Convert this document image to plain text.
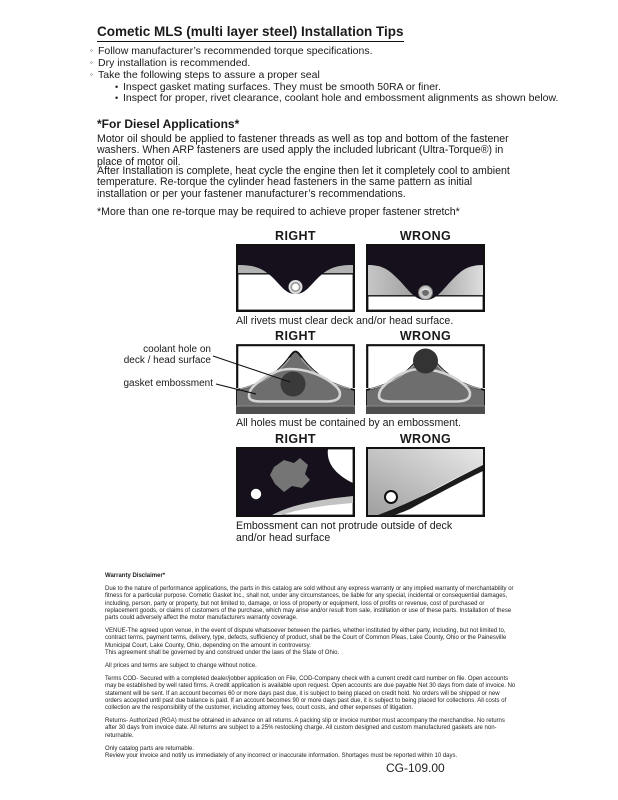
Cometic MLS (multi layer steel) Installation Tips
◦ Follow manufacturer’s recommended torque specifications.
◦ Dry installation is recommended.
◦ Take the following steps to assure a proper seal
• Inspect gasket mating surfaces. They must be smooth 50RA or finer.
• Inspect for proper, rivet clearance, coolant hole and embossment alignments as shown below.
*For Diesel Applications*
Motor oil should be applied to fastener threads as well as top and bottom of the fastener washers. When ARP fasteners are used apply the included lubricant (Ultra-Torque®) in place of motor oil.
After Installation is complete, heat cycle the engine then let it completely cool to ambient temperature. Re-torque the cylinder head fasteners in the same pattern as initial installation or per your fastener manufacturer’s recommendations.
*More than one re-torque may be required to achieve proper fastener stretch*
RIGHT	WRONG
All rivets must clear deck and/or head surface.
RIGHT	WRONG
All holes must be contained by an embossment.
coolant hole on
deck / head surface
gasket embossment
RIGHT	WRONG
Embossment can not protrude outside of deck
and/or head surface
Warranty Disclaimer*

Due to the nature of performance applications, the parts in this catalog are sold without any express warranty or any implied warranty of merchantability or fitness for a particular purpose. Cometic Gasket Inc., shall not, under any circumstances, be liable for any special, incidental or consequential damages, including, person, party or property, but not limited to, damage, or loss of property or equipment, loss of profits or revenue, cost of purchased or replacement goods, or claims of customers of the purchase, which may arise and/or result from sale, instillation or use of these parts. Installation of these parts could adversely affect the motor manufacturers warranty coverage.

VENUE-The agreed upon venue, in the event of dispute whatsoever between the parties, whether instituted by either party, including, but not limited to, contract terms, payment terms, delivery, type, defects, sufficiency of product, shall be the Court of Common Pleas, Lake County, Ohio or the Painesville Municipal Court, Lake County, Ohio, depending on the amount in controversy.

This agreement shall be governed by and construed under the laws of the State of Ohio.

All prices and terms are subject to change without notice.

Terms COD- Secured with a completed dealer/jobber application on File, COD-Company check with a current credit card number on file. Open accounts may be established by well rated firms. A credit application is available upon request. Open accounts are due payable Net 30 days from date of invoice. No statement will be sent. If an account becomes 60 or more days past due, it is subject to being placed on credit hold. No orders will be shipped or new orders accepted until past due balance is paid. If an account becomes 90 or more days past due, it is subject to being placed for collections. All costs of collection are the responsibility of the customer, including attorney fees, court costs, and other expenses of litigation.

Returns- Authorized (RGA) must be obtained in advance on all returns. A packing slip or invoice number must accompany the merchandise. No returns after 30 days from invoice date. All returns are subject to a 25% restocking charge. All custom designed and custom manufactured gaskets are non-returnable.

Only catalog parts are returnable.

Review your invoice and notify us immediately of any incorrect or inaccurate information. Shortages must be reported within 10 days.

CG-109.00
